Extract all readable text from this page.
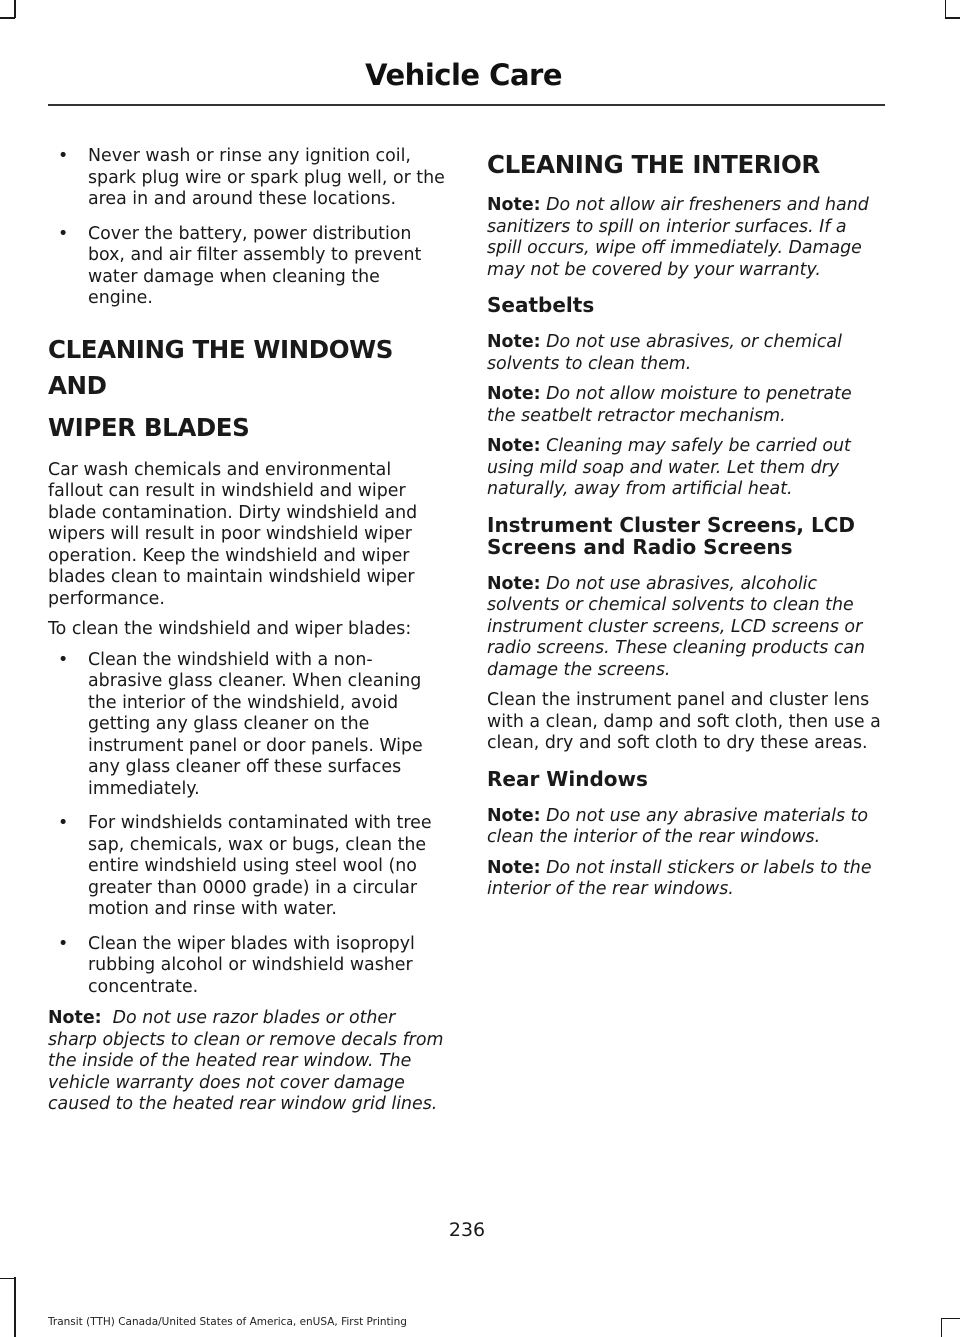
Vehicle Care
• Never wash or rinse any ignition coil, spark plug wire or spark plug well, or the area in and around these locations.
• Cover the battery, power distribution box, and air filter assembly to prevent water damage when cleaning the engine.
CLEANING THE WINDOWS AND
WIPER BLADES

Car wash chemicals and environmental fallout can result in windshield and wiper blade contamination. Dirty windshield and wipers will result in poor windshield wiper operation. Keep the windshield and wiper blades clean to maintain windshield wiper performance.

To clean the windshield and wiper blades:

• Clean the windshield with a non-abrasive glass cleaner. When cleaning the interior of the windshield, avoid getting any glass cleaner on the instrument panel or door panels. Wipe any glass cleaner off these surfaces immediately.
• For windshields contaminated with tree sap, chemicals, wax or bugs, clean the entire windshield using steel wool (no greater than 0000 grade) in a circular motion and rinse with water.
• Clean the wiper blades with isopropyl rubbing alcohol or windshield washer concentrate.

Note: Do not use razor blades or other sharp objects to clean or remove decals from the inside of the heated rear window. The vehicle warranty does not cover damage caused to the heated rear window grid lines.

CLEANING THE INTERIOR

Note: Do not allow air fresheners and hand sanitizers to spill on interior surfaces. If a spill occurs, wipe off immediately. Damage may not be covered by your warranty.

Seatbelts

Note: Do not use abrasives, or chemical solvents to clean them.

Note: Do not allow moisture to penetrate the seatbelt retractor mechanism.

Note: Cleaning may safely be carried out using mild soap and water. Let them dry naturally, away from artificial heat.

Instrument Cluster Screens, LCD
Screens and Radio Screens

Note: Do not use abrasives, alcoholic solvents or chemical solvents to clean the instrument cluster screens, LCD screens or radio screens. These cleaning products can damage the screens.

Clean the instrument panel and cluster lens with a clean, damp and soft cloth, then use a clean, dry and soft cloth to dry these areas.

Rear Windows

Note: Do not use any abrasive materials to clean the interior of the rear windows.

Note: Do not install stickers or labels to the interior of the rear windows.

236
Transit (TTH) Canada/United States of America, enUSA, First Printing
